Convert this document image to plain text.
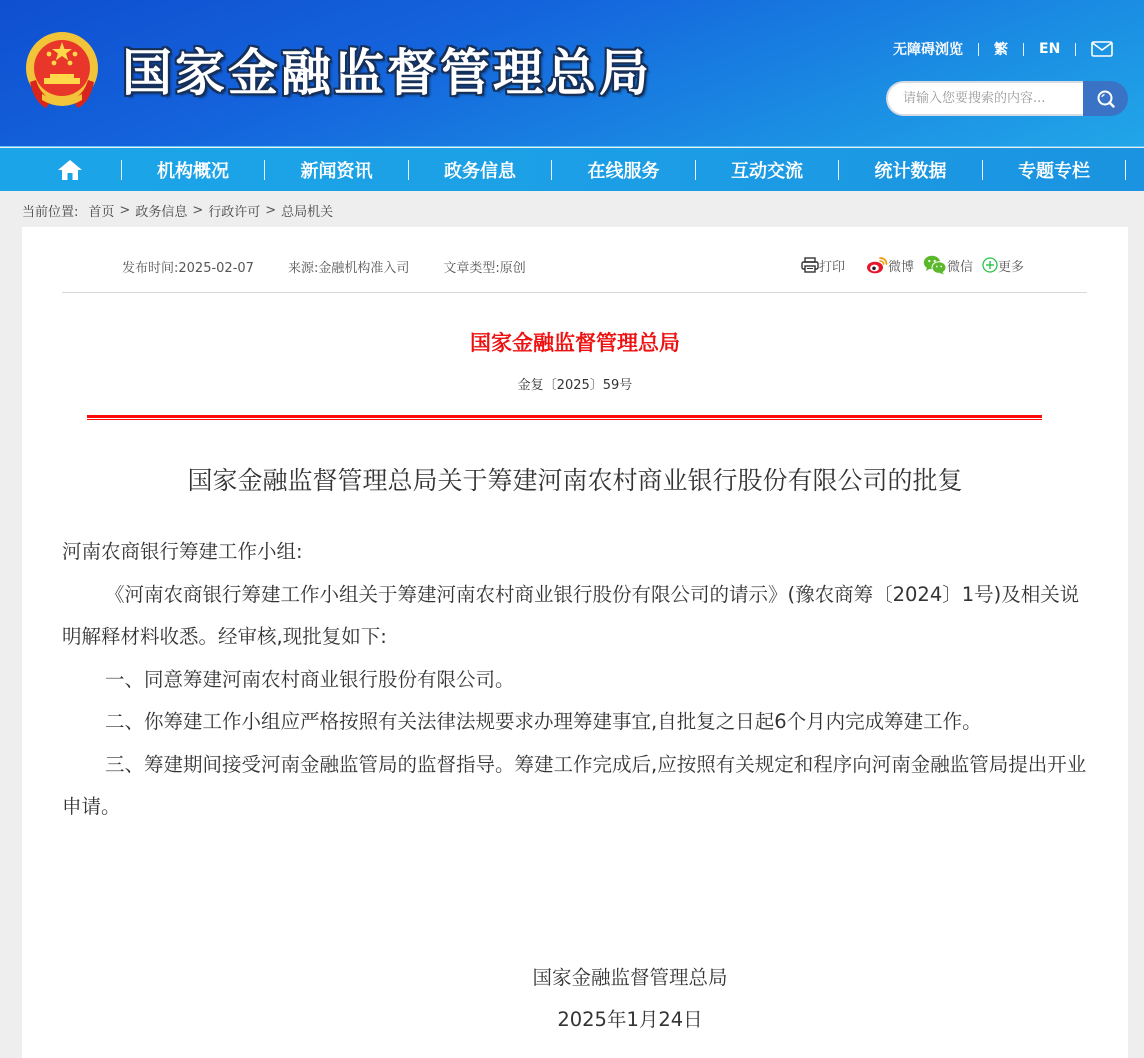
国家金融监督管理总局	无障碍浏览 繁 EN
请输入您要搜索的内容...
机构概况	新闻资讯	政务信息	在线服务	互动交流	统计数据	专题专栏
当前位置: 首页 > 政务信息 > 行政许可 > 总局机关
发布时间:2025-02-07	来源:金融机构准入司	文章类型:原创	打印	微博	微信 更多
国家金融监督管理总局
金复〔2025〕59号
国家金融监督管理总局关于筹建河南农村商业银行股份有限公司的批复

河南农商银行筹建工作小组:

《河南农商银行筹建工作小组关于筹建河南农村商业银行股份有限公司的请示》(豫农商筹〔2024〕1号)及相关说明解释材料收悉。经审核,现批复如下:

一、同意筹建河南农村商业银行股份有限公司。

二、你筹建工作小组应严格按照有关法律法规要求办理筹建事宜,自批复之日起6个月内完成筹建工作。

三、筹建期间接受河南金融监管局的监督指导。筹建工作完成后,应按照有关规定和程序向河南金融监管局提出开业申请。

国家金融监督管理总局
2025年1月24日
